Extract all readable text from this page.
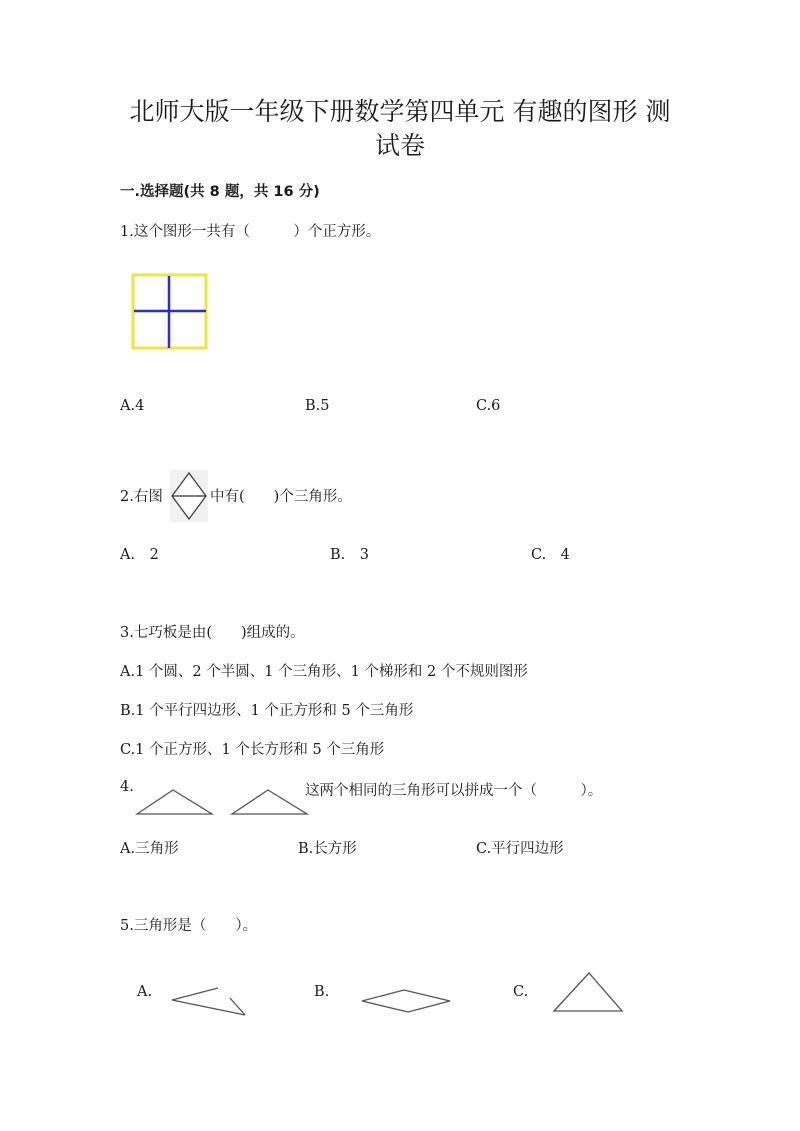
北师大版一年级下册数学第四单元 有趣的图形 测
试卷
一.选择题(共 8 题，共 16 分)
1.这个图形一共有（　　　）个正方形。
A.4	B.5	C.6
2.右图	中有(　　)个三角形。
A.　2	B.　3	C.　4
3.七巧板是由(　　)组成的。
A.1 个圆、2 个半圆、1 个三角形、1 个梯形和 2 个不规则图形
B.1 个平行四边形、1 个正方形和 5 个三角形
C.1 个正方形、1 个长方形和 5 个三角形
4.	这两个相同的三角形可以拼成一个（　　　）。
A.三角形	B.长方形	C.平行四边形
5.三角形是（　　）。
A.	B.	C.
